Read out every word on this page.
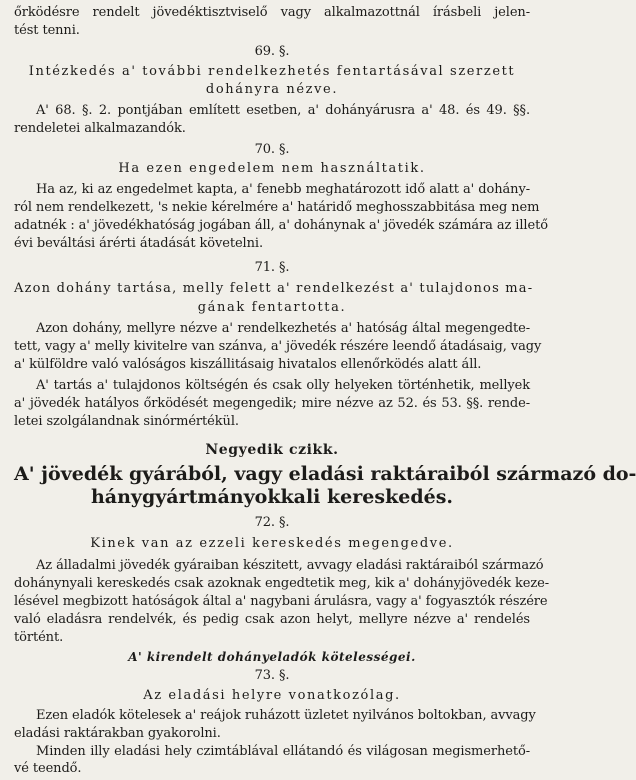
őrködésre rendelt jövedéktisztviselő vagy alkalmazottnál írásbeli jelen-
tést tenni.
69. §.
Intézkedés a' további rendelkezhetés fentartásával szerzett
dohányra nézve.
A' 68. §. 2. pontjában említett esetben, a' dohányárusra a' 48. és 49. §§.
rendeletei alkalmazandók.
70. §.
Ha ezen engedelem nem használtatik.
Ha az, ki az engedelmet kapta, a' fenebb meghatározott idő alatt a' dohány-
ról nem rendelkezett, 's nekie kérelmére a' határidő meghosszabbitása meg nem
adatnék : a' jövedékhatóság jogában áll, a' dohánynak a' jövedék számára az illető
évi beváltási árérti átadását követelni.
71. §.
Azon dohány tartása, melly felett a' rendelkezést a' tulajdonos ma-
gának fentartotta.
Azon dohány, mellyre nézve a' rendelkezhetés a' hatóság által megengedte-
tett, vagy a' melly kivitelre van szánva, a' jövedék részére leendő átadásaig, vagy
a' külföldre való valóságos kiszállitásaig hivatalos ellenőrködés alatt áll.
A' tartás a' tulajdonos költségén és csak olly helyeken történhetik, mellyek
a' jövedék hatályos őrködését megengedik; mire nézve az 52. és 53. §§. rende-
letei szolgálandnak sinórmértékül.
Negyedik czikk.
A' jövedék gyárából, vagy eladási raktáraiból származó do-
hánygyártmányokkali kereskedés.
72. §.
Kinek van az ezzeli kereskedés megengedve.
Az álladalmi jövedék gyáraiban készitett, avvagy eladási raktáraiból származó
dohánynyali kereskedés csak azoknak engedtetik meg, kik a' dohányjövedék keze-
lésével megbizott hatóságok által a' nagybani árulásra, vagy a' fogyasztók részére
való eladásra rendelvék, és pedig csak azon helyt, mellyre nézve a' rendelés
történt.
A' kirendelt dohányeladók kötelességei.
73. §.
Az eladási helyre vonatkozólag.
Ezen eladók kötelesek a' reájok ruházott üzletet nyilvános boltokban, avvagy
eladási raktárakban gyakorolni.
Minden illy eladási hely czimtáblával ellátandó és világosan megismerhető-
vé teendő.
